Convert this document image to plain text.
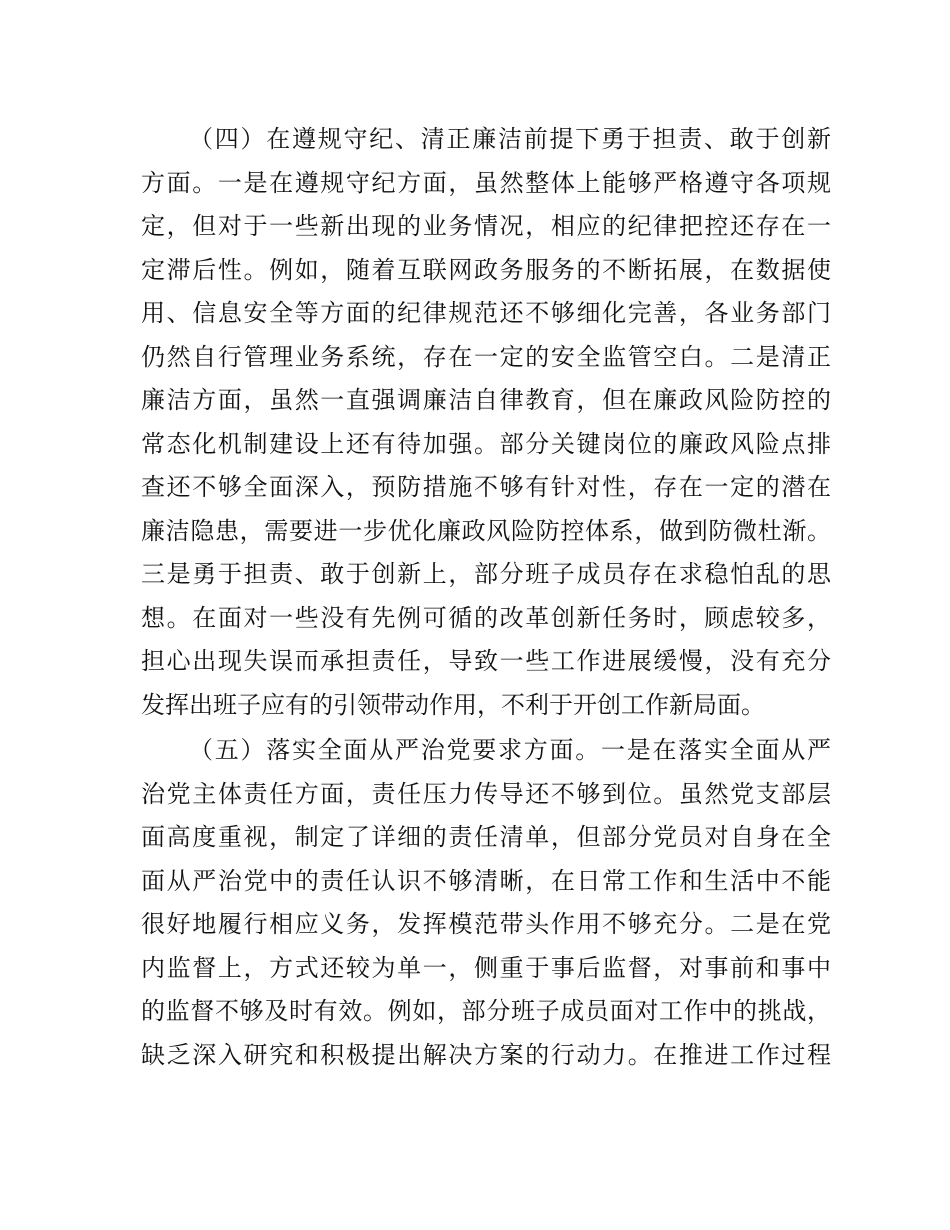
（四）在遵规守纪、清正廉洁前提下勇于担责、敢于创新
方面。一是在遵规守纪方面，虽然整体上能够严格遵守各项规
定，但对于一些新出现的业务情况，相应的纪律把控还存在一
定滞后性。例如，随着互联网政务服务的不断拓展，在数据使
用、信息安全等方面的纪律规范还不够细化完善，各业务部门
仍然自行管理业务系统，存在一定的安全监管空白。二是清正
廉洁方面，虽然一直强调廉洁自律教育，但在廉政风险防控的
常态化机制建设上还有待加强。部分关键岗位的廉政风险点排
查还不够全面深入，预防措施不够有针对性，存在一定的潜在
廉洁隐患，需要进一步优化廉政风险防控体系，做到防微杜渐。
三是勇于担责、敢于创新上，部分班子成员存在求稳怕乱的思
想。在面对一些没有先例可循的改革创新任务时，顾虑较多，
担心出现失误而承担责任，导致一些工作进展缓慢，没有充分
发挥出班子应有的引领带动作用，不利于开创工作新局面。
（五）落实全面从严治党要求方面。一是在落实全面从严
治党主体责任方面，责任压力传导还不够到位。虽然党支部层
面高度重视，制定了详细的责任清单，但部分党员对自身在全
面从严治党中的责任认识不够清晰，在日常工作和生活中不能
很好地履行相应义务，发挥模范带头作用不够充分。二是在党
内监督上，方式还较为单一，侧重于事后监督，对事前和事中
的监督不够及时有效。例如，部分班子成员面对工作中的挑战，
缺乏深入研究和积极提出解决方案的行动力。在推进工作过程
